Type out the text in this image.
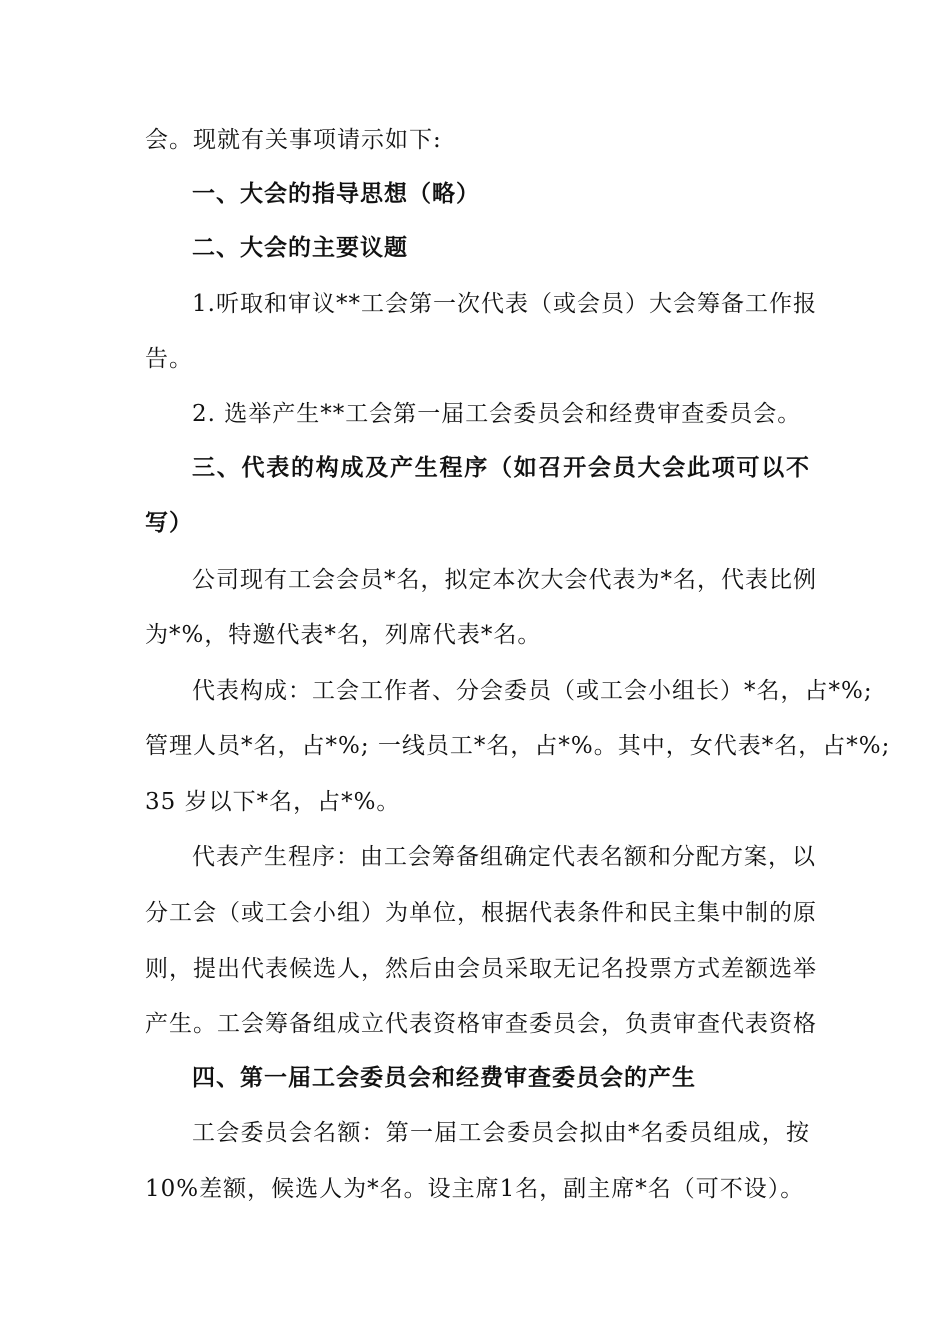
会。现就有关事项请示如下:
一、大会的指导思想（略）
二、大会的主要议题
1.听取和审议**工会第一次代表（或会员）大会筹备工作报
告。
2. 选举产生**工会第一届工会委员会和经费审查委员会。
三、代表的构成及产生程序（如召开会员大会此项可以不
写）
公司现有工会会员*名，拟定本次大会代表为*名，代表比例
为*%，特邀代表*名，列席代表*名。
代表构成：工会工作者、分会委员（或工会小组长）*名，占*%;
管理人员*名，占*%; 一线员工*名，占*%。其中，女代表*名，占*%;
35 岁以下*名，占*%。
代表产生程序：由工会筹备组确定代表名额和分配方案，以
分工会（或工会小组）为单位，根据代表条件和民主集中制的原
则，提出代表候选人，然后由会员采取无记名投票方式差额选举
产生。工会筹备组成立代表资格审查委员会，负责审查代表资格
四、第一届工会委员会和经费审查委员会的产生
工会委员会名额：第一届工会委员会拟由*名委员组成，按
10%差额，候选人为*名。设主席1名，副主席*名（可不设）。
